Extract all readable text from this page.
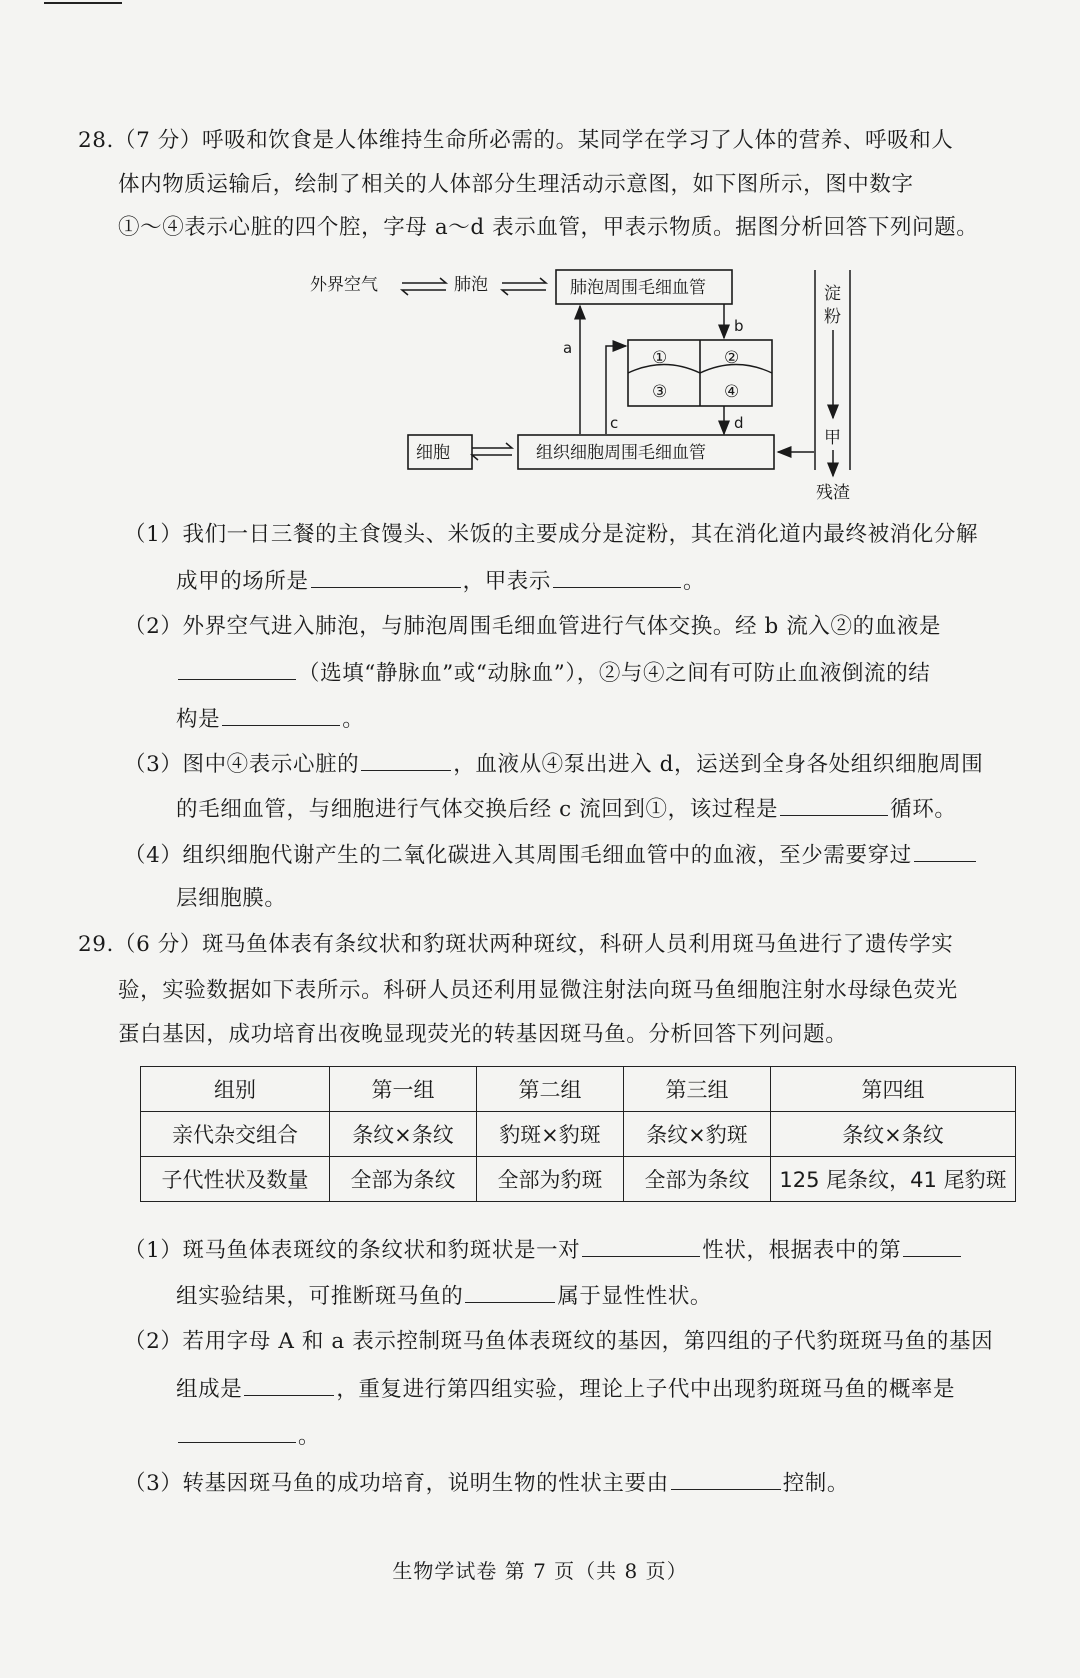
28.（7 分）呼吸和饮食是人体维持生命所必需的。某同学在学习了人体的营养、呼吸和人
体内物质运输后，绘制了相关的人体部分生理活动示意图，如下图所示，图中数字
①～④表示心脏的四个腔，字母 a～d 表示血管，甲表示物质。据图分析回答下列问题。
外界空气	肺泡	肺泡周围毛细血管
①	②
③	④
b
d
a
c
细胞	组织细胞周围毛细血管
淀
粉
甲
残渣
（1）我们一日三餐的主食馒头、米饭的主要成分是淀粉，其在消化道内最终被消化分解
成甲的场所是	，甲表示	。
（2）外界空气进入肺泡，与肺泡周围毛细血管进行气体交换。经 b 流入②的血液是
（选填“静脉血”或“动脉血”），②与④之间有可防止血液倒流的结
构是	。
（3）图中④表示心脏的	，血液从④泵出进入 d，运送到全身各处组织细胞周围
的毛细血管，与细胞进行气体交换后经 c 流回到①，该过程是	循环。
（4）组织细胞代谢产生的二氧化碳进入其周围毛细血管中的血液，至少需要穿过
层细胞膜。
29.（6 分）斑马鱼体表有条纹状和豹斑状两种斑纹，科研人员利用斑马鱼进行了遗传学实
验，实验数据如下表所示。科研人员还利用显微注射法向斑马鱼细胞注射水母绿色荧光
蛋白基因，成功培育出夜晚显现荧光的转基因斑马鱼。分析回答下列问题。
组别	第一组	第二组	第三组	第四组
亲代杂交组合	条纹×条纹	豹斑×豹斑	条纹×豹斑	条纹×条纹
子代性状及数量	全部为条纹	全部为豹斑	全部为条纹	125 尾条纹，41 尾豹斑
（1）斑马鱼体表斑纹的条纹状和豹斑状是一对	性状，根据表中的第
组实验结果，可推断斑马鱼的	属于显性性状。
（2）若用字母 A 和 a 表示控制斑马鱼体表斑纹的基因，第四组的子代豹斑斑马鱼的基因
组成是	，重复进行第四组实验，理论上子代中出现豹斑斑马鱼的概率是
。
（3）转基因斑马鱼的成功培育，说明生物的性状主要由	控制。
生物学试卷 第 7 页（共 8 页）
